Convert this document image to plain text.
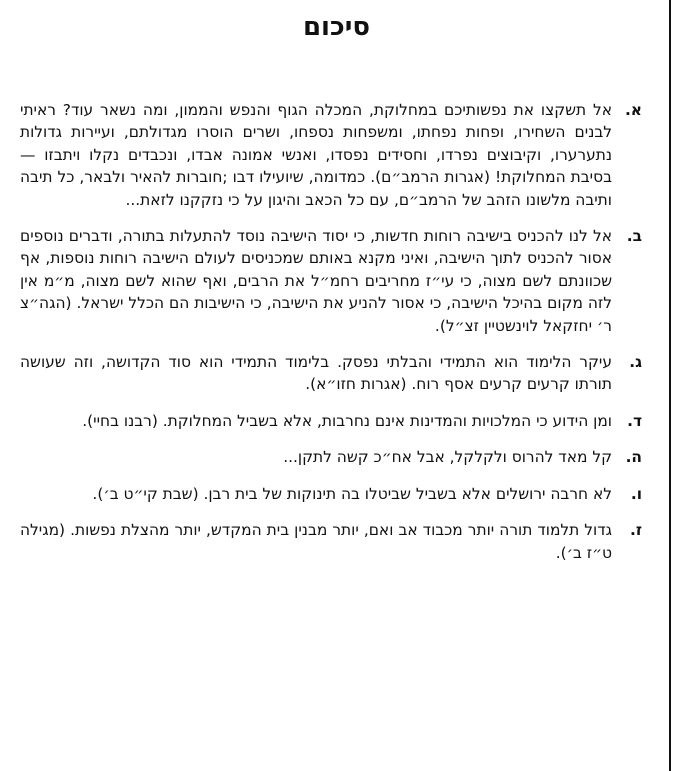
סיכום
א.
אל תשקצו את נפשותיכם במחלוקת, המכלה הגוף והנפש והממון, ומה נשאר עוד? ראיתי לבנים השחירו, ופחות נפחתו, ומשפחות נספחו, ושרים הוסרו מגדולתם, ועיירות גדולות נתערערו, וקיבוצים נפרדו, וחסידים נפסדו, ואנשי אמונה אבדו, ונכבדים נקלו ויתבזו — בסיבת המחלוקת! (אגרות הרמב״ם). כמדומה, שיועילו דבו ;חוברות להאיר ולבאר, כל תיבה ותיבה מלשונו הזהב של הרמב״ם, עם כל הכאב והיגון על כי נזקקנו לזאת...
ב.
אל לנו להכניס בישיבה רוחות חדשות, כי יסוד הישיבה נוסד להתעלות בתורה, ודברים נוספים אסור להכניס לתוך הישיבה, ואיני מקנא באותם שמכניסים לעולם הישיבה רוחות נוספות, אף שכוונתם לשם מצוה, כי עי״ז מחריבים רחמ״ל את הרבים, ואף שהוא לשם מצוה, מ״מ אין לזה מקום בהיכל הישיבה, כי אסור להניע את הישיבה, כי הישיבות הם הכלל ישראל. (הגה״צ ר׳ יחזקאל לוינשטיין זצ״ל).
ג.
עיקר הלימוד הוא התמידי והבלתי נפסק. בלימוד התמידי הוא סוד הקדושה, וזה שעושה תורתו קרעים קרעים אסף רוח. (אגרות חזו״א).
ד.
ומן הידוע כי המלכויות והמדינות אינם נחרבות, אלא בשביל המחלוקת. (רבנו בחיי).
ה.
קל מאד להרוס ולקלקל, אבל אח״כ קשה לתקן...
ו.
לא חרבה ירושלים אלא בשביל שביטלו בה תינוקות של בית רבן. (שבת קי״ט ב׳).
ז.
גדול תלמוד תורה יותר מכבוד אב ואם, יותר מבנין בית המקדש, יותר מהצלת נפשות. (מגילה ט״ז ב׳).
